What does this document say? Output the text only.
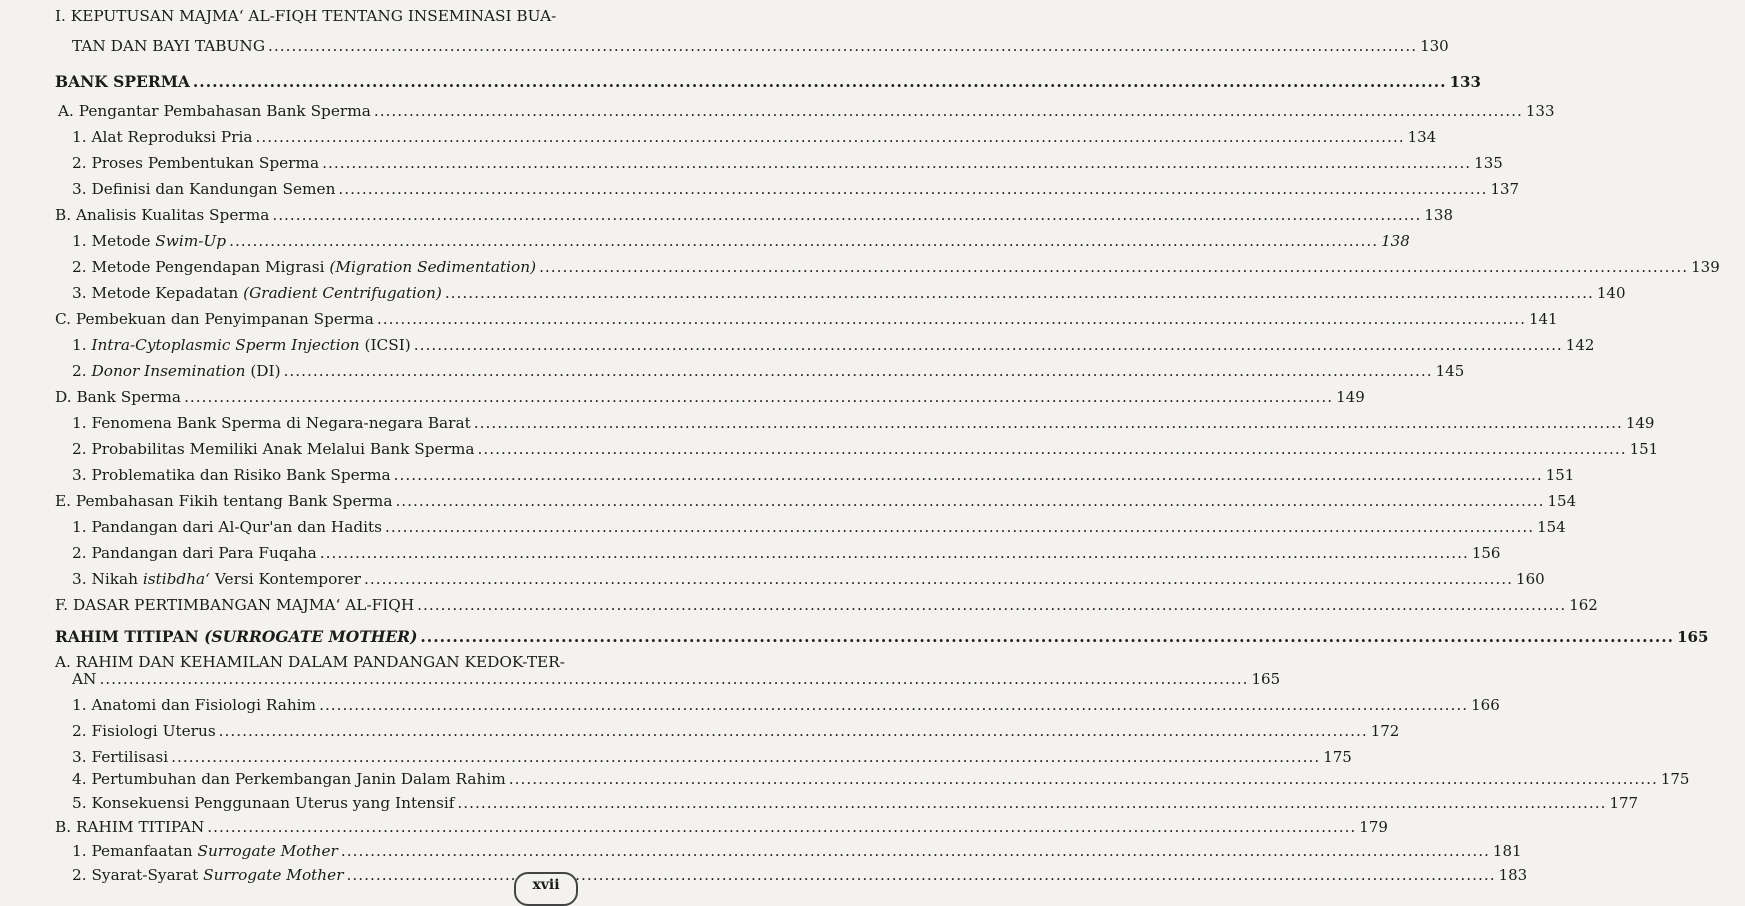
I. KEPUTUSAN MAJMA‘ AL-FIQH TENTANG INSEMINASI BUA-
TAN DAN BAYI TABUNG .....	130
BANK SPERMA .....	133
A. Pengantar Pembahasan Bank Sperma .....	133
1. Alat Reproduksi Pria .....	134
2. Proses Pembentukan Sperma .....	135
3. Definisi dan Kandungan Semen .....	137
B. Analisis Kualitas Sperma .....	138
1. Metode Swim-Up .....	138
2. Metode Pengendapan Migrasi (Migration Sedimentation) .....	139
3. Metode Kepadatan (Gradient Centrifugation) .....	140
C. Pembekuan dan Penyimpanan Sperma .....	141
1. Intra-Cytoplasmic Sperm Injection (ICSI) .....	142
2. Donor Insemination (DI) .....	145
D. Bank Sperma .....	149
1. Fenomena Bank Sperma di Negara-negara Barat .....	149
2. Probabilitas Memiliki Anak Melalui Bank Sperma .....	151
3. Problematika dan Risiko Bank Sperma .....	151
E. Pembahasan Fikih tentang Bank Sperma .....	154
1. Pandangan dari Al-Qur'an dan Hadits .....	154
2. Pandangan dari Para Fuqaha .....	156
3. Nikah istibdha‘ Versi Kontemporer .....	160
F. DASAR PERTIMBANGAN MAJMA‘ AL-FIQH .....	162
RAHIM TITIPAN (SURROGATE MOTHER) .....	165
A. RAHIM DAN KEHAMILAN DALAM PANDANGAN KEDOK-TER-
AN .....	165
1. Anatomi dan Fisiologi Rahim .....	166
2. Fisiologi Uterus .....	172
3. Fertilisasi .....	175
4. Pertumbuhan dan Perkembangan Janin Dalam Rahim .....	175
5. Konsekuensi Penggunaan Uterus yang Intensif .....	177
B. RAHIM TITIPAN .....	179
1. Pemanfaatan Surrogate Mother .....	181
2. Syarat-Syarat Surrogate Mother .....	183
xvii
